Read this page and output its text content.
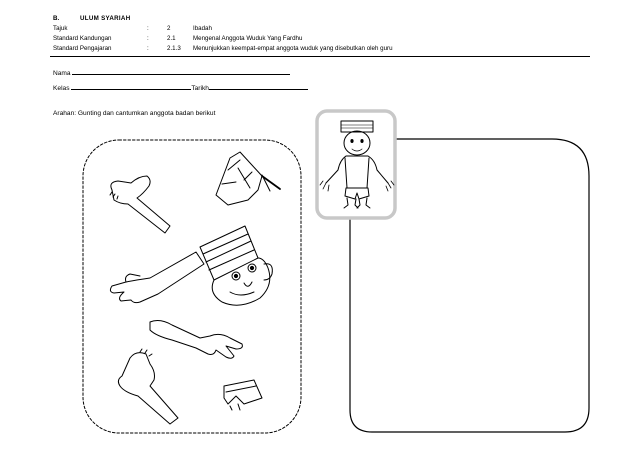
B.	ULUM SYARIAH
Tajuk	:	2	Ibadah
Standard Kandungan	:	2.1	Mengenal Anggota Wuduk Yang Fardhu
Standard Pengajaran	:	2.1.3 Menunjukkan keempat-empat anggota wuduk yang disebutkan oleh guru
Nama
Kelas	Tarikh
Arahan: Gunting dan cantumkan anggota badan berikut
